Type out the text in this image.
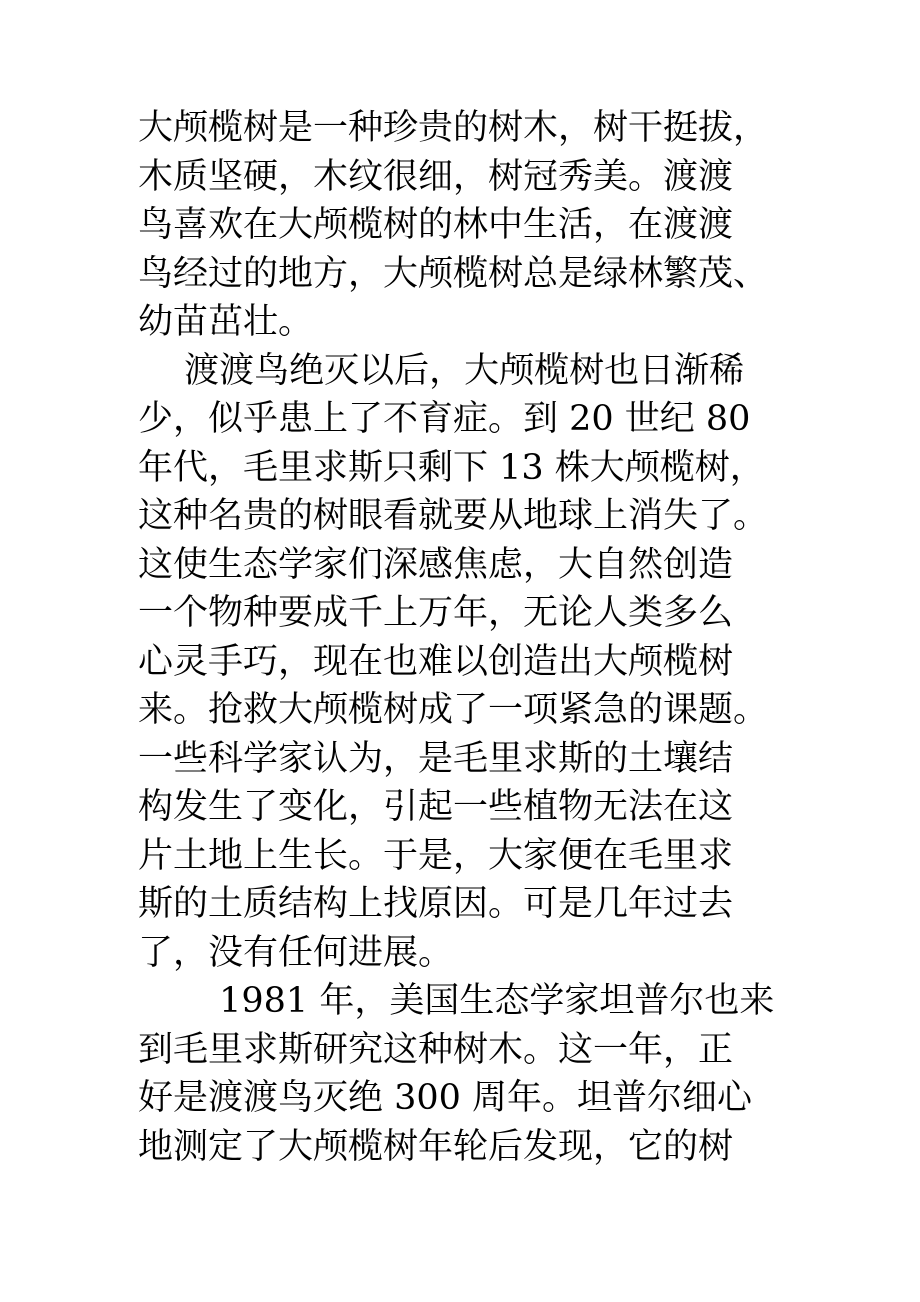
大颅榄树是一种珍贵的树木，树干挺拔，
木质坚硬，木纹很细，树冠秀美。渡渡
鸟喜欢在大颅榄树的林中生活，在渡渡
鸟经过的地方，大颅榄树总是绿林繁茂、
幼苗茁壮。
　 渡渡鸟绝灭以后，大颅榄树也日渐稀
少，似乎患上了不育症。到 20 世纪 80
年代，毛里求斯只剩下 13 株大颅榄树，
这种名贵的树眼看就要从地球上消失了。
这使生态学家们深感焦虑，大自然创造
一个物种要成千上万年，无论人类多么
心灵手巧，现在也难以创造出大颅榄树
来。抢救大颅榄树成了一项紧急的课题。
一些科学家认为，是毛里求斯的土壤结
构发生了变化，引起一些植物无法在这
片土地上生长。于是，大家便在毛里求
斯的土质结构上找原因。可是几年过去
了，没有任何进展。
　　 1981 年，美国生态学家坦普尔也来
到毛里求斯研究这种树木。这一年，正
好是渡渡鸟灭绝 300 周年。坦普尔细心
地测定了大颅榄树年轮后发现，它的树
